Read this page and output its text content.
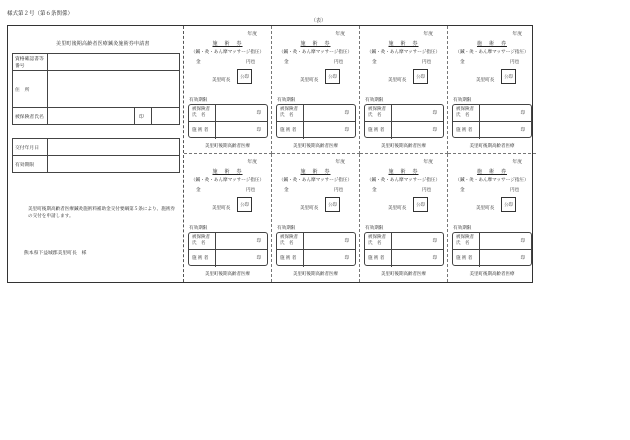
様式第２号（第６条関係）
（表）
美里町後期高齢者医療鍼灸施術券申請書
資格確認書等番号	
住　所	
被保険者氏名	印
交付年月日	
有効期限	
美里町後期高齢者医療鍼灸施術料補助金交付要綱第５条により、施術券の交付を申請します。
熊本県下益城郡美里町長　様
年度
施　術　券
（鍼・灸・あん摩マッサージ指圧）
金	円也
美里町長
公印
有効期限
被保険者氏　名	印
施 術 者	印
美里町後期高齢者医療
年度
施　術　券
（鍼・灸・あん摩マッサージ指圧）
金	円也
美里町長
公印
有効期限
被保険者氏　名	印
施 術 者	印
美里町後期高齢者医療
年度
施　術　券
（鍼・灸・あん摩マッサージ指圧）
金	円也
美里町長
公印
有効期限
被保険者氏　名	印
施 術 者	印
美里町後期高齢者医療
年度
施　術　券
（鍼・灸・あん摩マッサージ指圧）
金	円也
美里町長
公印
有効期限
被保険者氏　名	印
施 術 者	印
美里町後期高齢者医療
年度
施　術　券
（鍼・灸・あん摩マッサージ指圧）
金	円也
美里町長
公印
有効期限
被保険者氏　名	印
施 術 者	印
美里町後期高齢者医療
年度
施　術　券
（鍼・灸・あん摩マッサージ指圧）
金	円也
美里町長
公印
有効期限
被保険者氏　名	印
施 術 者	印
美里町後期高齢者医療
年度
施　術　券
（鍼・灸・あん摩マッサージ指圧）
金	円也
美里町長
公印
有効期限
被保険者氏　名	印
施 術 者	印
美里町後期高齢者医療
年度
施　術　券
（鍼・灸・あん摩マッサージ指圧）
金	円也
美里町長
公印
有効期限
被保険者氏　名	印
施 術 者	印
美里町後期高齢者医療
